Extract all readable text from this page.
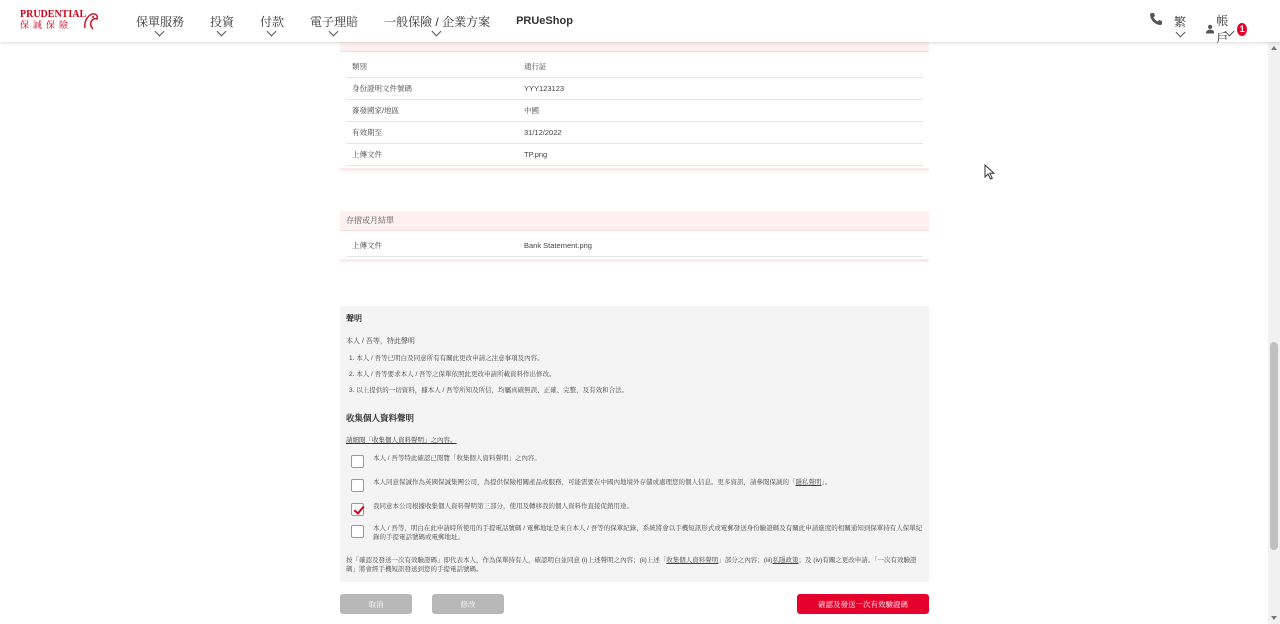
PRUDENTIAL
保誠保險	保單服務 投資 付款 電子理賠 一般保險 / 企業方案 PRUeShop	繁	帳戶
1
類別	通行証
身份證明文件號碼	YYY123123
簽發國家/地區	中國
有效期至	31/12/2022
上傳文件	TP.png
存摺或月結單
上傳文件	Bank Statement.png
聲明
本人 / 吾等，特此聲明
1. 本人 / 吾等已明白及同意所有有關此更改申請之注意事項及內容。
2. 本人 / 吾等要求本人 / 吾等之保單依照此更改申請所載資料作出修改。
3. 以上提供的一切資料，據本人 / 吾等所知及所信，均屬真確無誤、正確、完整，及有效和合法。
收集個人資料聲明
請細閱「收集個人資料聲明」之內容。
本人 / 吾等特此確認已閱覽「收集個人資料聲明」之內容。
本人同意保誠作為英國保誠集團公司，為提供保險相關產品或服務，可能需要在中國內地境外存儲或處理您的個人信息。更多資訊，請參閱保誠的「隱私聲明」。
我同意本公司根據收集個人資料聲明第三部分，使用及轉移我的個人資料作直接促銷用途。
本人 / 吾等，明白在此申請時所使用的手提電話號碼 / 電郵地址是來自本人 / 吾等的保單紀錄，系統將會以手機短訊形式或電郵發送身份驗證碼及有關此申請進度的相關通知到保單持有人保單紀錄的手提電話號碼或電郵地址。
按「確認及發送一次有效驗證碼」即代表本人，作為保單持有人，確認明白並同意 (i)上述聲明之內容；(ii)上述「收集個人資料聲明」部分之內容；(iii)私隱政策；及 (iv)有關之更改申請。「一次有效驗證碼」將會經手機短訊發送到您的手提電話號碼。
取消	修改	確認及發送一次有效驗證碼
